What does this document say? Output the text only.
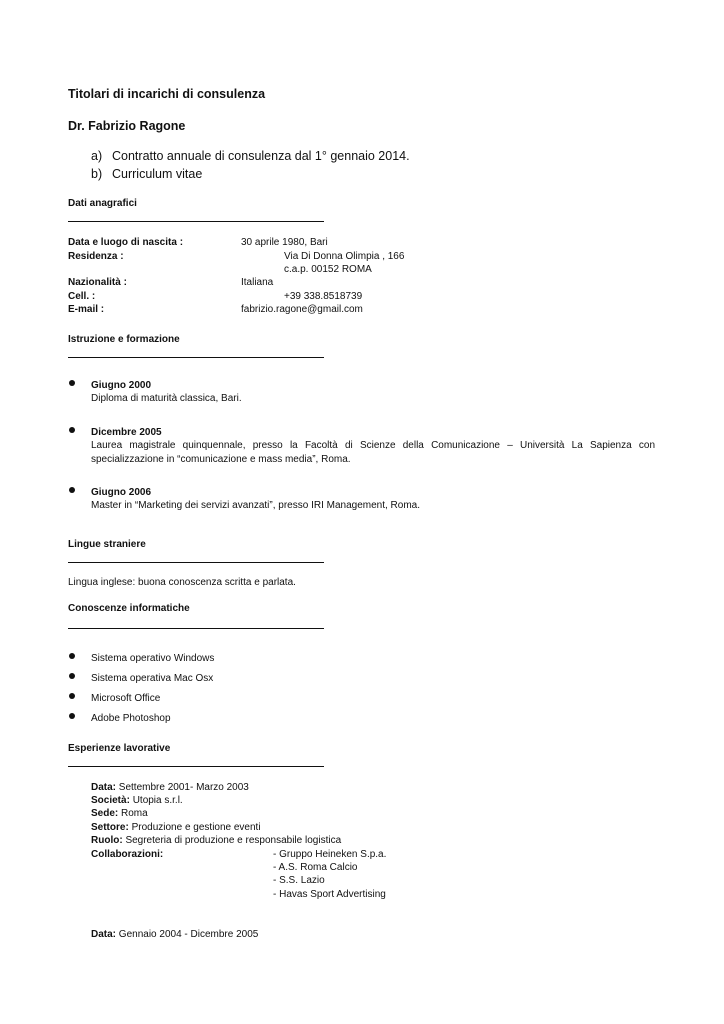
Titolari di incarichi di consulenza
Dr. Fabrizio Ragone
a) Contratto annuale di consulenza dal 1° gennaio 2014.
b) Curriculum vitae
Dati anagrafici
Data e luogo di nascita :	30 aprile 1980, Bari
Residenza :	Via Di Donna Olimpia , 166
c.a.p. 00152 ROMA
Nazionalità :	Italiana
Cell. :	+39 338.8518739
E-mail :	fabrizio.ragone@gmail.com
Istruzione e formazione
Giugno 2000
Diploma di maturità classica, Bari.
Dicembre 2005
Laurea magistrale quinquennale, presso la Facoltà di Scienze della Comunicazione – Università La Sapienza con
specializzazione in “comunicazione e mass media”, Roma.
Giugno 2006
Master in “Marketing dei servizi avanzati”, presso IRI Management, Roma.
Lingue straniere
Lingua inglese: buona conoscenza scritta e parlata.
Conoscenze informatiche
Sistema operativo Windows
Sistema operativa Mac Osx
Microsoft Office
Adobe Photoshop
Esperienze lavorative
Data: Settembre 2001- Marzo 2003
Società: Utopia s.r.l.
Sede: Roma
Settore: Produzione e gestione eventi
Ruolo: Segreteria di produzione e responsabile logistica
Collaborazioni:	- Gruppo Heineken S.p.a.
- A.S. Roma Calcio
- S.S. Lazio
- Havas Sport Advertising
Data: Gennaio 2004 - Dicembre 2005
